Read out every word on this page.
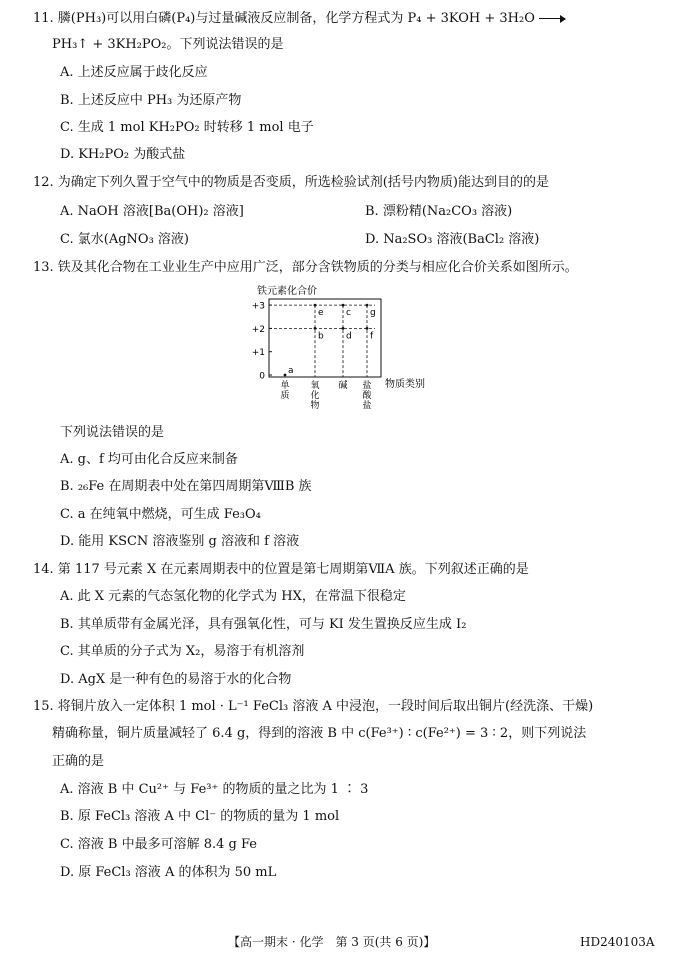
11. 膦(PH₃)可以用白磷(P₄)与过量碱液反应制备，化学方程式为 P₄ + 3KOH + 3H₂O
PH₃↑ + 3KH₂PO₂。下列说法错误的是
A. 上述反应属于歧化反应
B. 上述反应中 PH₃ 为还原产物
C. 生成 1 mol KH₂PO₂ 时转移 1 mol 电子
D. KH₂PO₂ 为酸式盐
12. 为确定下列久置于空气中的物质是否变质，所选检验试剂(括号内物质)能达到目的的是
A. NaOH 溶液[Ba(OH)₂ 溶液]	B. 漂粉精(Na₂CO₃ 溶液)
C. 氯水(AgNO₃ 溶液)	D. Na₂SO₃ 溶液(BaCl₂ 溶液)
13. 铁及其化合物在工业业生产中应用广泛，部分含铁物质的分类与相应化合价关系如图所示。
铁元素化合价
+3
+2
+1
0
a
b
c
d
e
f
g
单
质
氧
化
物
碱 盐
酸
盐
物质类别
下列说法错误的是
A. g、f 均可由化合反应来制备
B. ₂₆Fe 在周期表中处在第四周期第ⅧB 族
C. a 在纯氧中燃烧，可生成 Fe₃O₄
D. 能用 KSCN 溶液鉴别 g 溶液和 f 溶液
14. 第 117 号元素 X 在元素周期表中的位置是第七周期第ⅦA 族。下列叙述正确的是
A. 此 X 元素的气态氢化物的化学式为 HX，在常温下很稳定
B. 其单质带有金属光泽，具有强氧化性，可与 KI 发生置换反应生成 I₂
C. 其单质的分子式为 X₂，易溶于有机溶剂
D. AgX 是一种有色的易溶于水的化合物
15. 将铜片放入一定体积 1 mol · L⁻¹ FeCl₃ 溶液 A 中浸泡，一段时间后取出铜片(经洗涤、干燥)
精确称量，铜片质量减轻了 6.4 g，得到的溶液 B 中 c(Fe³⁺) ∶ c(Fe²⁺) = 3 ∶ 2，则下列说法
正确的是
A. 溶液 B 中 Cu²⁺ 与 Fe³⁺ 的物质的量之比为 1 ∶ 3
B. 原 FeCl₃ 溶液 A 中 Cl⁻ 的物质的量为 1 mol
C. 溶液 B 中最多可溶解 8.4 g Fe
D. 原 FeCl₃ 溶液 A 的体积为 50 mL
【高一期末 · 化学　第 3 页(共 6 页)】	HD240103A
